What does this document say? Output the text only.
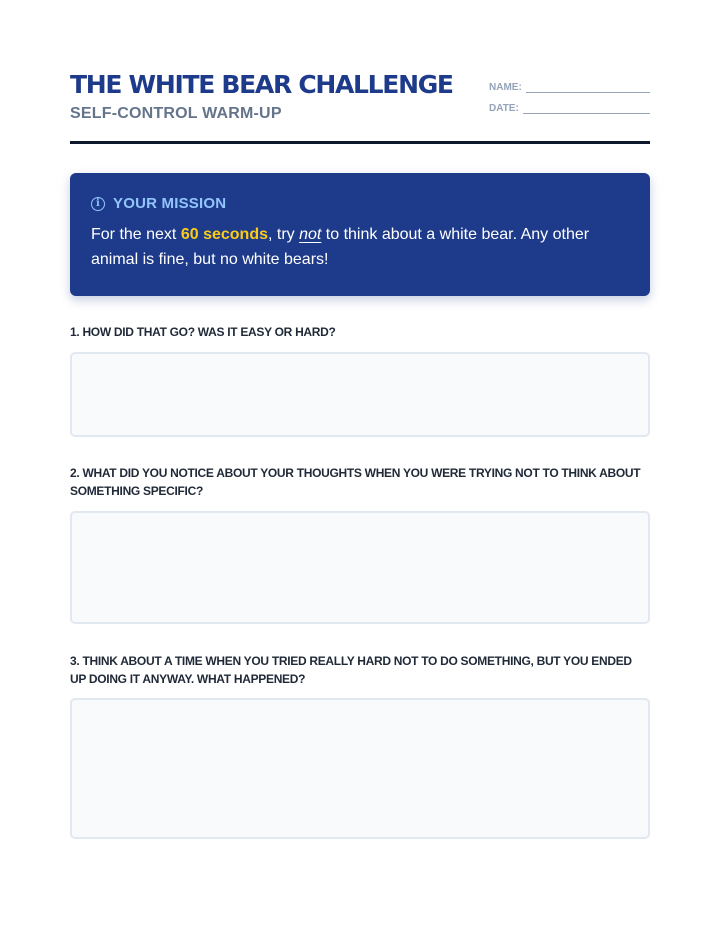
THE WHITE BEAR CHALLENGE
SELF-CONTROL WARM-UP
NAME:
DATE:
i YOUR MISSION
For the next 60 seconds, try not to think about a white bear. Any other animal is fine, but no white bears!
1. HOW DID THAT GO? WAS IT EASY OR HARD?
2. WHAT DID YOU NOTICE ABOUT YOUR THOUGHTS WHEN YOU WERE TRYING NOT TO THINK ABOUT SOMETHING SPECIFIC?
3. THINK ABOUT A TIME WHEN YOU TRIED REALLY HARD NOT TO DO SOMETHING, BUT YOU ENDED UP DOING IT ANYWAY. WHAT HAPPENED?
